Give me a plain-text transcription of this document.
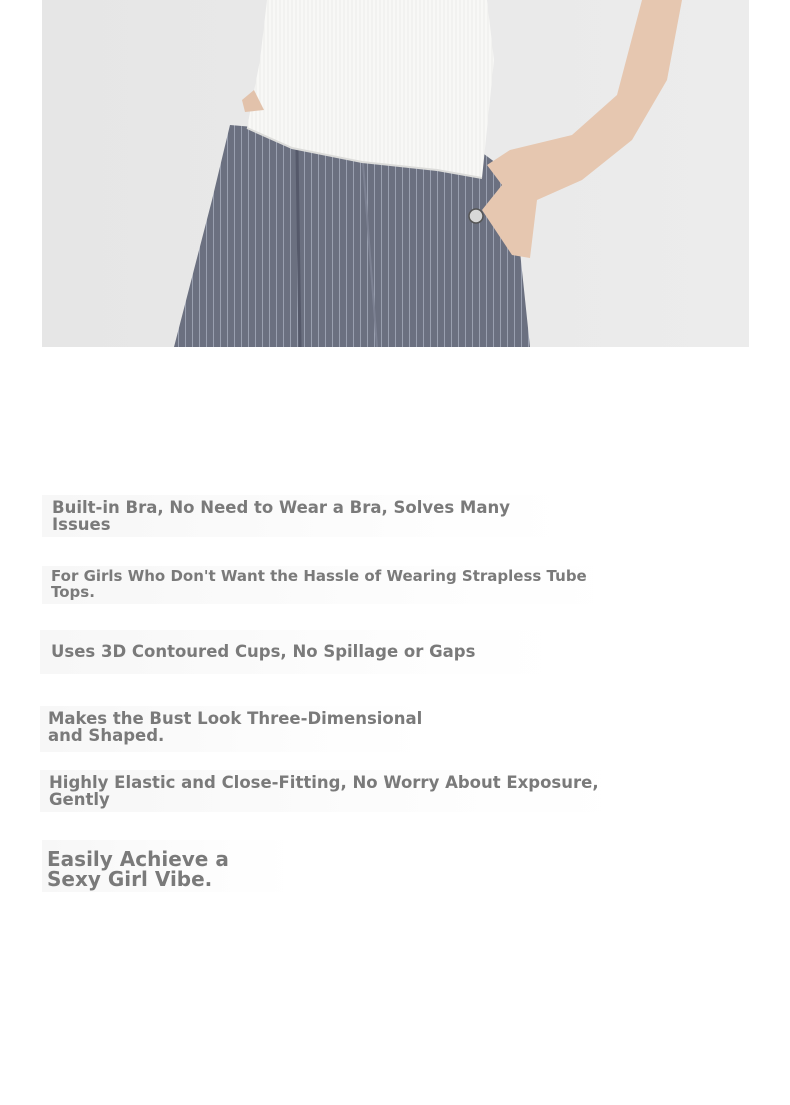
Built-in Bra, No Need to Wear a Bra, Solves Many Issues
For Girls Who Don't Want the Hassle of Wearing Strapless Tube Tops.
Uses 3D Contoured Cups, No Spillage or Gaps
Makes the Bust Look Three-Dimensional
and Shaped.
Highly Elastic and Close-Fitting, No Worry About Exposure, Gently
Easily Achieve a
Sexy Girl Vibe.
